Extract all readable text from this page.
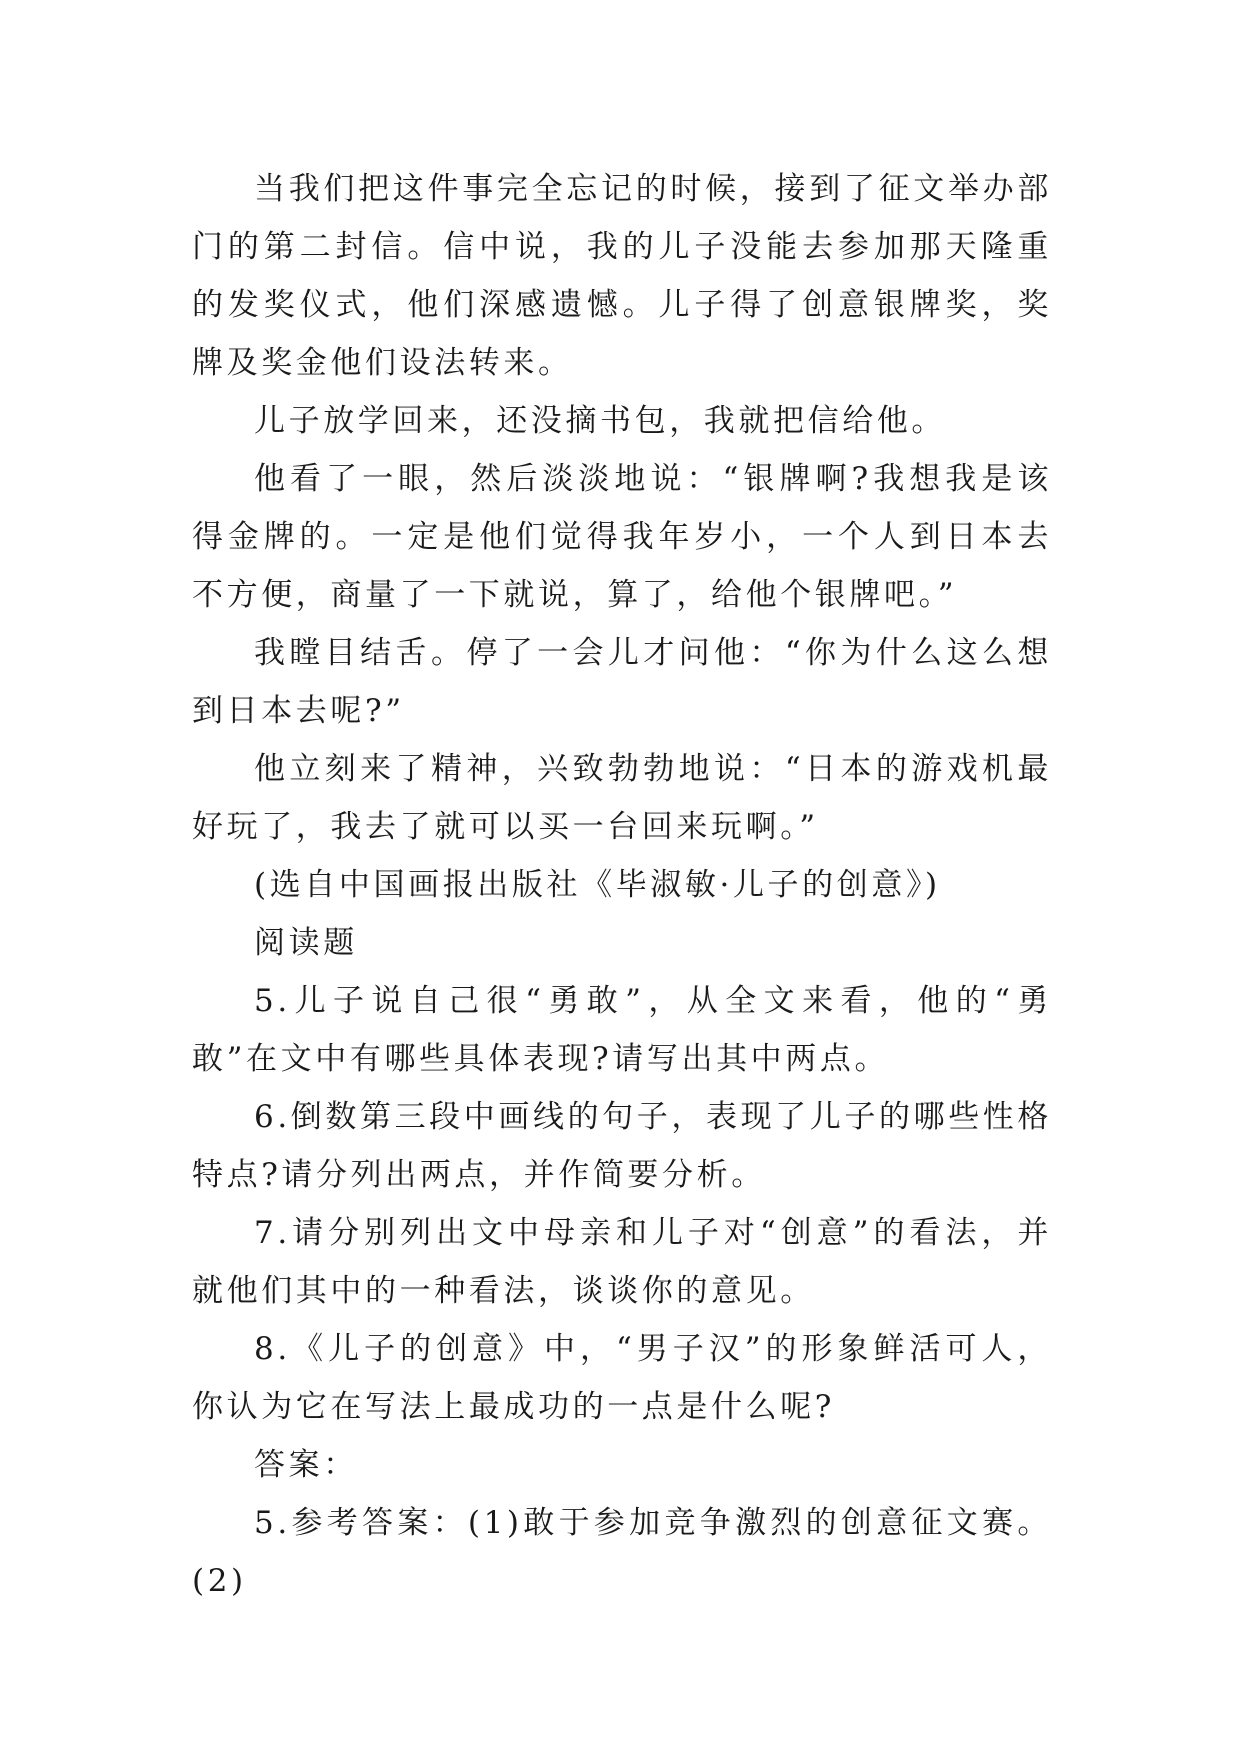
当我们把这件事完全忘记的时候，接到了征文举办部门的第二封信。信中说，我的儿子没能去参加那天隆重的发奖仪式，他们深感遗憾。儿子得了创意银牌奖，奖牌及奖金他们设法转来。

儿子放学回来，还没摘书包，我就把信给他。

他看了一眼，然后淡淡地说：“银牌啊?我想我是该得金牌的。一定是他们觉得我年岁小，一个人到日本去不方便，商量了一下就说，算了，给他个银牌吧。”

我瞠目结舌。停了一会儿才问他：“你为什么这么想到日本去呢?”

他立刻来了精神，兴致勃勃地说：“日本的游戏机最好玩了，我去了就可以买一台回来玩啊。”

(选自中国画报出版社《毕淑敏·儿子的创意》)

阅读题

5.儿子说自己很“勇敢”，从全文来看，他的“勇敢”在文中有哪些具体表现?请写出其中两点。

6.倒数第三段中画线的句子，表现了儿子的哪些性格特点?请分列出两点，并作简要分析。

7.请分别列出文中母亲和儿子对“创意”的看法，并就他们其中的一种看法，谈谈你的意见。

8.《儿子的创意》中，“男子汉”的形象鲜活可人，你认为它在写法上最成功的一点是什么呢?

答案：

5.参考答案：(1)敢于参加竞争激烈的创意征文赛。(2)
